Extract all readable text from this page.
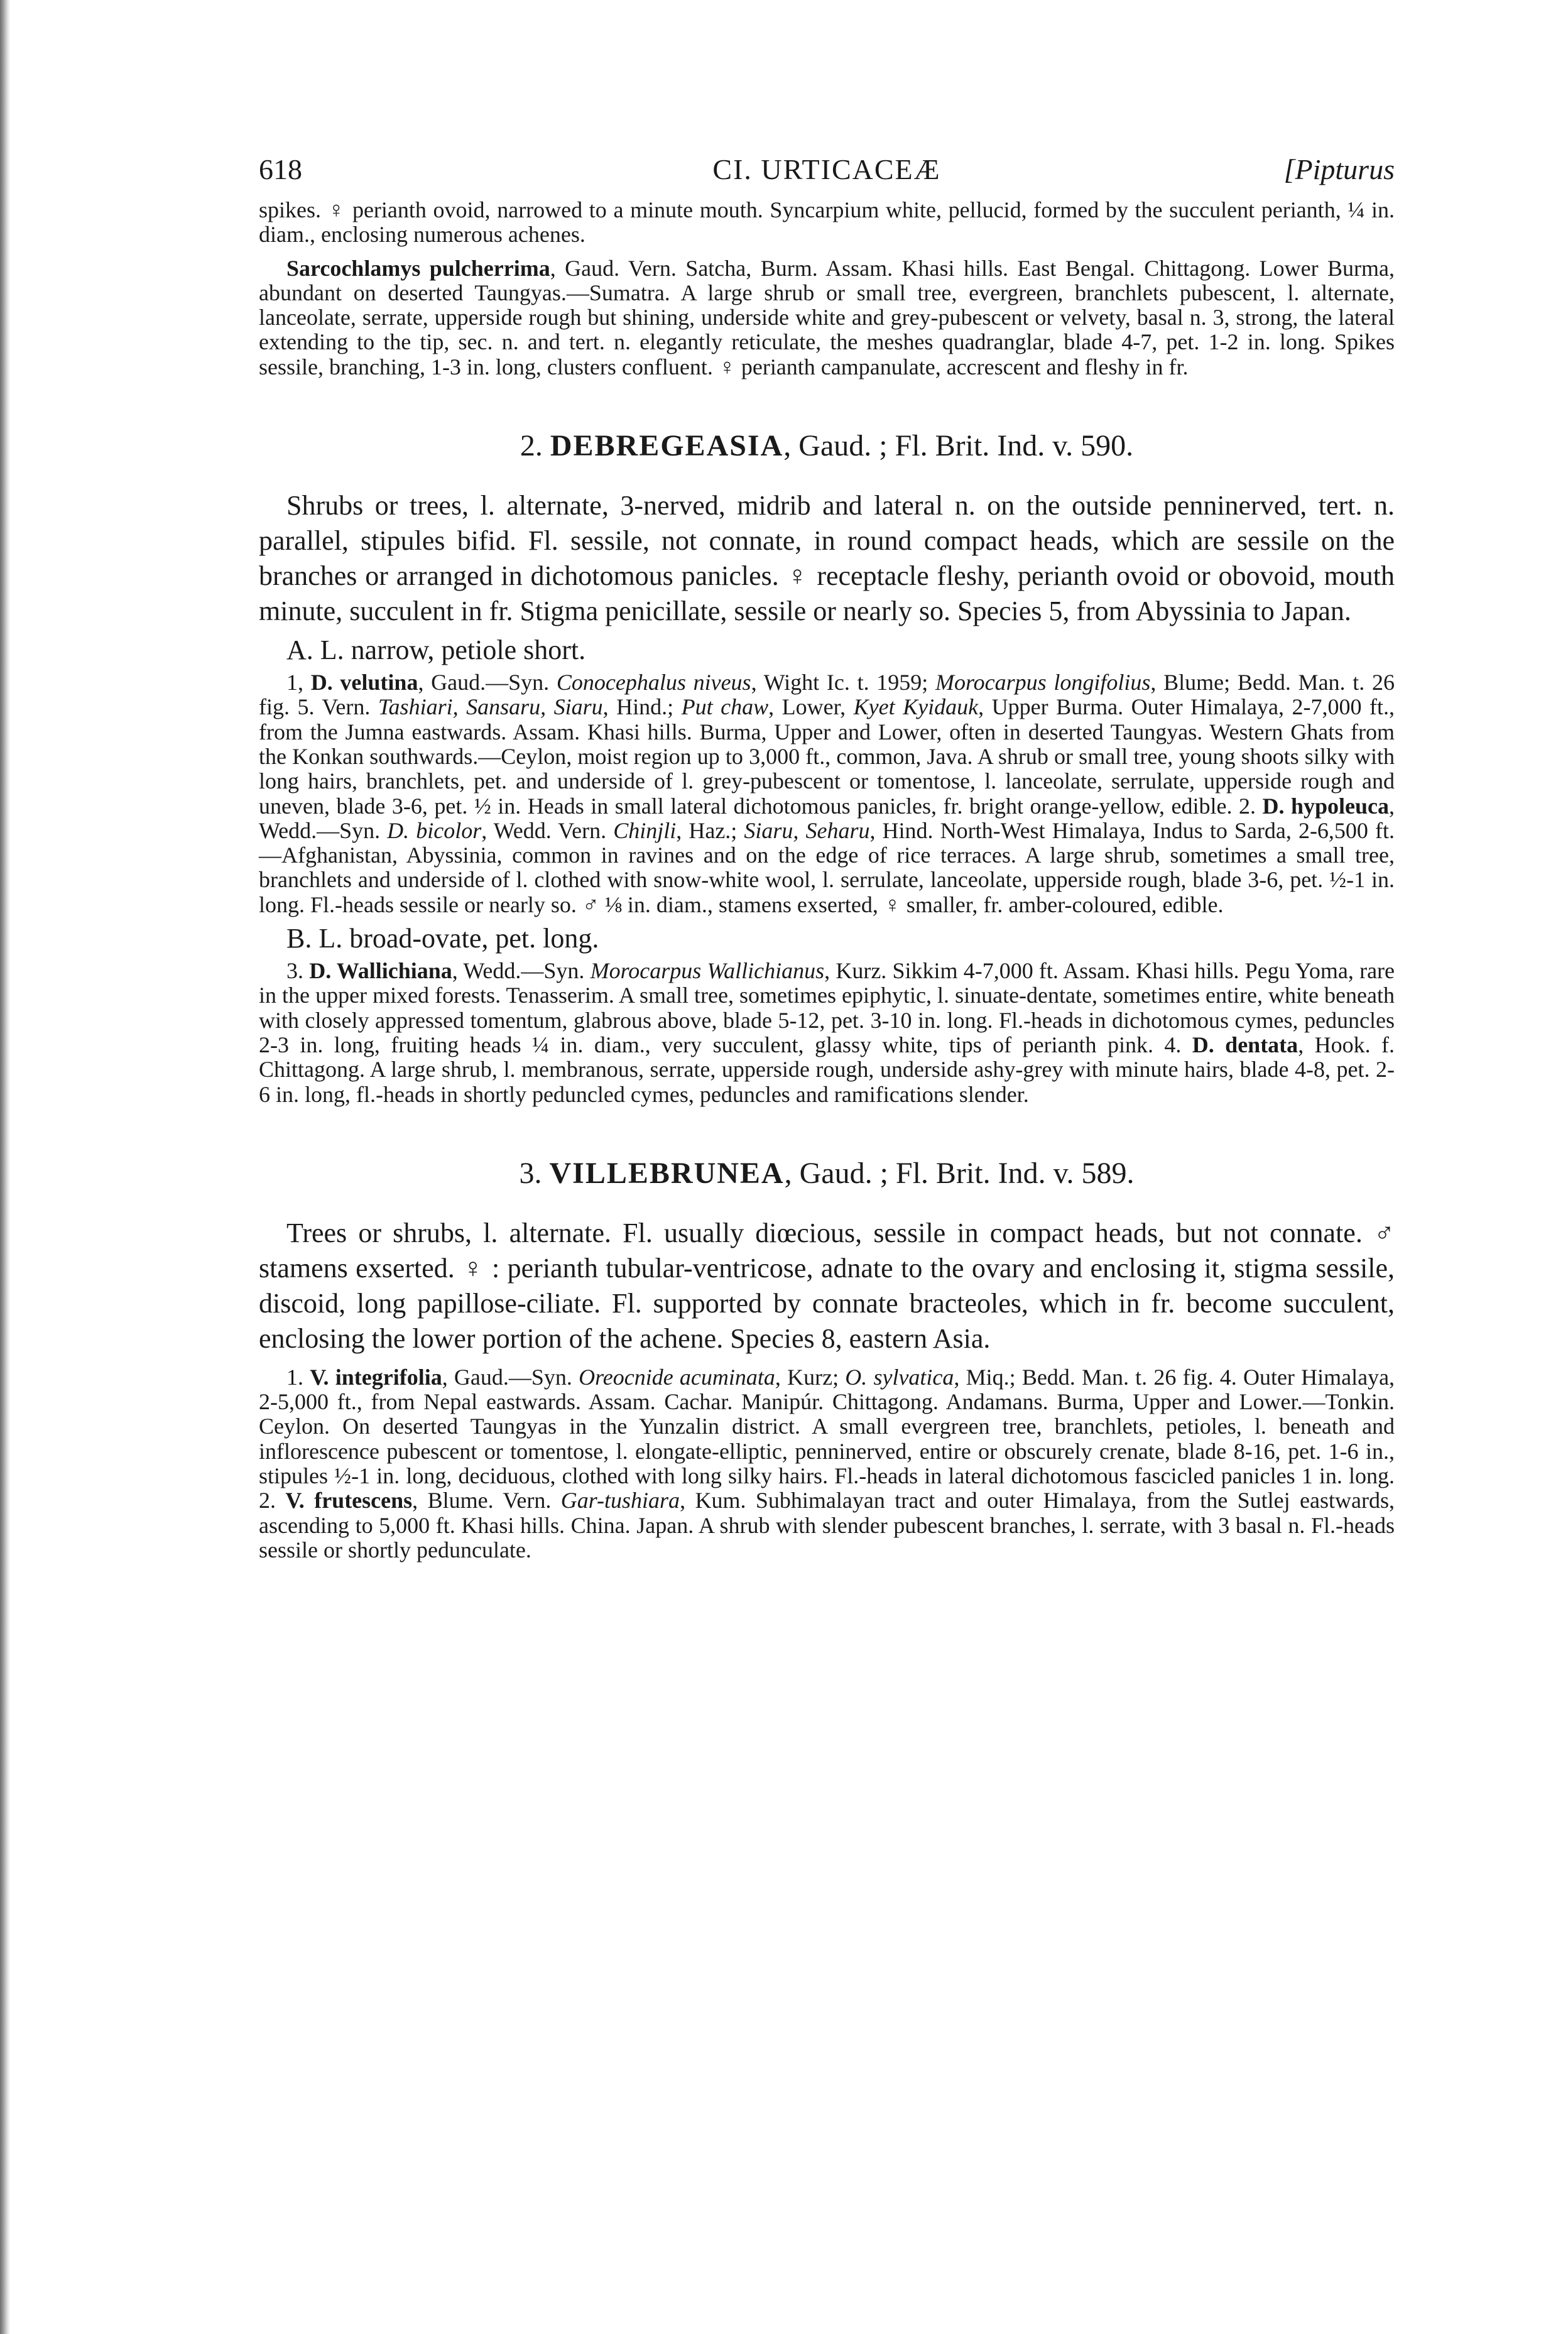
618	CI. URTICACEÆ	[Pipturus

spikes. ♀ perianth ovoid, narrowed to a minute mouth. Syncarpium white, pellucid, formed by the succulent perianth, ¼ in. diam., enclosing numerous achenes.

Sarcochlamys pulcherrima, Gaud. Vern. Satcha, Burm. Assam. Khasi hills. East Bengal. Chittagong. Lower Burma, abundant on deserted Taungyas.—Sumatra. A large shrub or small tree, evergreen, branchlets pubescent, l. alternate, lanceolate, serrate, upperside rough but shining, underside white and grey-pubescent or velvety, basal n. 3, strong, the lateral extending to the tip, sec. n. and tert. n. elegantly reticulate, the meshes quadranglar, blade 4-7, pet. 1-2 in. long. Spikes sessile, branching, 1-3 in. long, clusters confluent. ♀ perianth campanulate, accrescent and fleshy in fr.

2. DEBREGEASIA, Gaud. ; Fl. Brit. Ind. v. 590.

Shrubs or trees, l. alternate, 3-nerved, midrib and lateral n. on the outside penninerved, tert. n. parallel, stipules bifid. Fl. sessile, not connate, in round compact heads, which are sessile on the branches or arranged in dichotomous panicles. ♀ receptacle fleshy, perianth ovoid or obovoid, mouth minute, succulent in fr. Stigma penicillate, sessile or nearly so. Species 5, from Abyssinia to Japan.

A. L. narrow, petiole short.

1, D. velutina, Gaud.—Syn. Conocephalus niveus, Wight Ic. t. 1959; Morocarpus longifolius, Blume; Bedd. Man. t. 26 fig. 5. Vern. Tashiari, Sansaru, Siaru, Hind.; Put chaw, Lower, Kyet Kyidauk, Upper Burma. Outer Himalaya, 2-7,000 ft., from the Jumna eastwards. Assam. Khasi hills. Burma, Upper and Lower, often in deserted Taungyas. Western Ghats from the Konkan southwards.—Ceylon, moist region up to 3,000 ft., common, Java. A shrub or small tree, young shoots silky with long hairs, branchlets, pet. and underside of l. grey-pubescent or tomentose, l. lanceolate, serrulate, upperside rough and uneven, blade 3-6, pet. ½ in. Heads in small lateral dichotomous panicles, fr. bright orange-yellow, edible. 2. D. hypoleuca, Wedd.—Syn. D. bicolor, Wedd. Vern. Chinjli, Haz.; Siaru, Seharu, Hind. North-West Himalaya, Indus to Sarda, 2-6,500 ft.—Afghanistan, Abyssinia, common in ravines and on the edge of rice terraces. A large shrub, sometimes a small tree, branchlets and underside of l. clothed with snow-white wool, l. serrulate, lanceolate, upperside rough, blade 3-6, pet. ½-1 in. long. Fl.-heads sessile or nearly so. ♂ ⅛ in. diam., stamens exserted, ♀ smaller, fr. amber-coloured, edible.

B. L. broad-ovate, pet. long.

3. D. Wallichiana, Wedd.—Syn. Morocarpus Wallichianus, Kurz. Sikkim 4-7,000 ft. Assam. Khasi hills. Pegu Yoma, rare in the upper mixed forests. Tenasserim. A small tree, sometimes epiphytic, l. sinuate-dentate, sometimes entire, white beneath with closely appressed tomentum, glabrous above, blade 5-12, pet. 3-10 in. long. Fl.-heads in dichotomous cymes, peduncles 2-3 in. long, fruiting heads ¼ in. diam., very succulent, glassy white, tips of perianth pink. 4. D. dentata, Hook. f. Chittagong. A large shrub, l. membranous, serrate, upperside rough, underside ashy-grey with minute hairs, blade 4-8, pet. 2-6 in. long, fl.-heads in shortly peduncled cymes, peduncles and ramifications slender.

3. VILLEBRUNEA, Gaud. ; Fl. Brit. Ind. v. 589.

Trees or shrubs, l. alternate. Fl. usually diœcious, sessile in compact heads, but not connate. ♂ stamens exserted. ♀ : perianth tubular-ventricose, adnate to the ovary and enclosing it, stigma sessile, discoid, long papillose-ciliate. Fl. supported by connate bracteoles, which in fr. become succulent, enclosing the lower portion of the achene. Species 8, eastern Asia.

1. V. integrifolia, Gaud.—Syn. Oreocnide acuminata, Kurz; O. sylvatica, Miq.; Bedd. Man. t. 26 fig. 4. Outer Himalaya, 2-5,000 ft., from Nepal eastwards. Assam. Cachar. Manipúr. Chittagong. Andamans. Burma, Upper and Lower.—Tonkin. Ceylon. On deserted Taungyas in the Yunzalin district. A small evergreen tree, branchlets, petioles, l. beneath and inflorescence pubescent or tomentose, l. elongate-elliptic, penninerved, entire or obscurely crenate, blade 8-16, pet. 1-6 in., stipules ½-1 in. long, deciduous, clothed with long silky hairs. Fl.-heads in lateral dichotomous fascicled panicles 1 in. long. 2. V. frutescens, Blume. Vern. Gar-tushiara, Kum. Subhimalayan tract and outer Himalaya, from the Sutlej eastwards, ascending to 5,000 ft. Khasi hills. China. Japan. A shrub with slender pubescent branches, l. serrate, with 3 basal n. Fl.-heads sessile or shortly pedunculate.
